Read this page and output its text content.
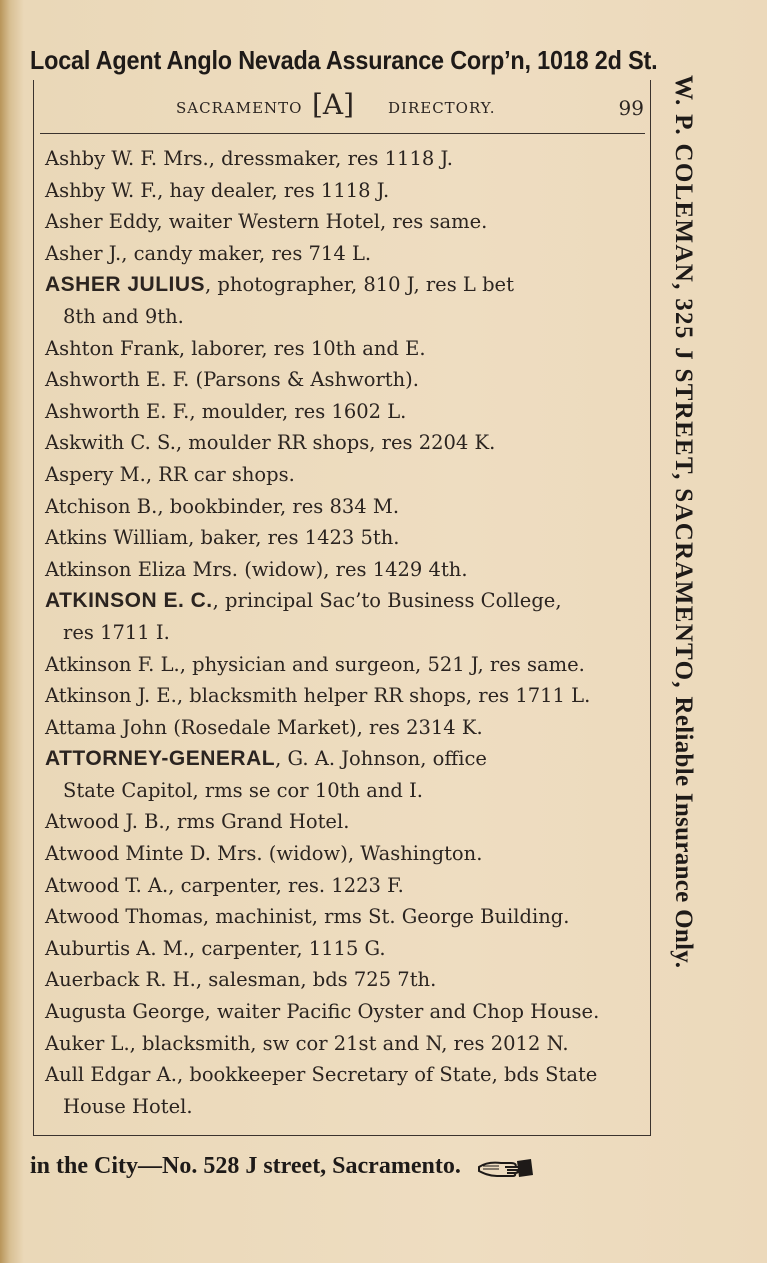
Local Agent Anglo Nevada Assurance Corp’n, 1018 2d St.
SACRAMENTO [A] DIRECTORY.	99
Ashby W. F. Mrs., dressmaker, res 1118 J.
Ashby W. F., hay dealer, res 1118 J.
Asher Eddy, waiter Western Hotel, res same.
Asher J., candy maker, res 714 L.
ASHER JULIUS, photographer, 810 J, res L bet
8th and 9th.
Ashton Frank, laborer, res 10th and E.
Ashworth E. F. (Parsons & Ashworth).
Ashworth E. F., moulder, res 1602 L.
Askwith C. S., moulder RR shops, res 2204 K.
Aspery M., RR car shops.
Atchison B., bookbinder, res 834 M.
Atkins William, baker, res 1423 5th.
Atkinson Eliza Mrs. (widow), res 1429 4th.
ATKINSON E. C., principal Sac’to Business College,
res 1711 I.
Atkinson F. L., physician and surgeon, 521 J, res same.
Atkinson J. E., blacksmith helper RR shops, res 1711 L.
Attama John (Rosedale Market), res 2314 K.
ATTORNEY-GENERAL, G. A. Johnson, office
State Capitol, rms se cor 10th and I.
Atwood J. B., rms Grand Hotel.
Atwood Minte D. Mrs. (widow), Washington.
Atwood T. A., carpenter, res. 1223 F.
Atwood Thomas, machinist, rms St. George Building.
Auburtis A. M., carpenter, 1115 G.
Auerback R. H., salesman, bds 725 7th.
Augusta George, waiter Pacific Oyster and Chop House.
Auker L., blacksmith, sw cor 21st and N, res 2012 N.
Aull Edgar A., bookkeeper Secretary of State, bds State
House Hotel.
in the City—No. 528 J street, Sacramento.
W. P. COLEMAN, 325 J STREET, SACRAMENTO, Reliable Insurance Only.
